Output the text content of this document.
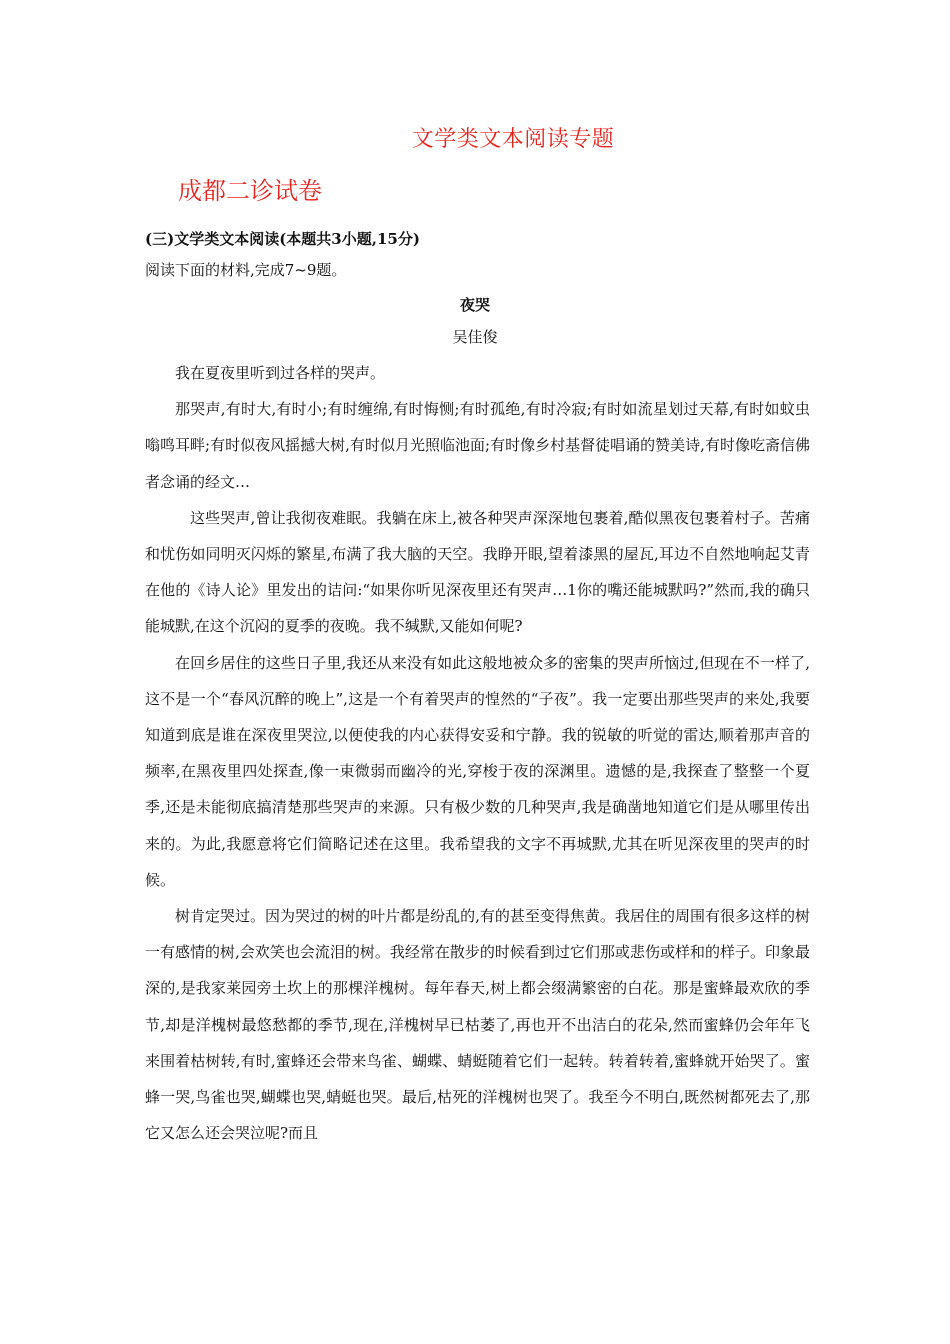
文学类文本阅读专题
成都二诊试卷
(三)文学类文本阅读(本题共3小题,15分)
阅读下面的材料,完成7~9题。
夜哭
吴佳俊

我在夏夜里听到过各样的哭声。

那哭声,有时大,有时小;有时缠绵,有时悔恻;有时孤绝,有时冷寂;有时如流星划过天幕,有时如蚊虫嗡鸣耳畔;有时似夜风摇撼大树,有时似月光照临池面;有时像乡村基督徒唱诵的赞美诗,有时像吃斋信佛者念诵的经文…

这些哭声,曾让我彻夜难眠。我躺在床上,被各种哭声深深地包裹着,酷似黑夜包裹着村子。苦痛和忧伤如同明灭闪烁的繁星,布满了我大脑的天空。我睁开眼,望着漆黑的屋瓦,耳边不自然地响起艾青在他的《诗人论》里发出的诘问:“如果你听见深夜里还有哭声…1你的嘴还能城默吗?”然而,我的确只能城默,在这个沉闷的夏季的夜晚。我不缄默,又能如何呢?

在回乡居住的这些日子里,我还从来没有如此这般地被众多的密集的哭声所恼过,但现在不一样了,这不是一个“春风沉醉的晚上”,这是一个有着哭声的惶然的“子夜”。我一定要出那些哭声的来处,我要知道到底是谁在深夜里哭泣,以便使我的内心获得安妥和宁静。我的锐敏的听觉的雷达,顺着那声音的频率,在黑夜里四处探查,像一束微弱而幽冷的光,穿梭于夜的深渊里。遗憾的是,我探查了整整一个夏季,还是未能彻底搞清楚那些哭声的来源。只有极少数的几种哭声,我是确凿地知道它们是从哪里传出来的。为此,我愿意将它们简略记述在这里。我希望我的文字不再城默,尤其在听见深夜里的哭声的时候。

树肯定哭过。因为哭过的树的叶片都是纷乱的,有的甚至变得焦黄。我居住的周围有很多这样的树一有感情的树,会欢笑也会流泪的树。我经常在散步的时候看到过它们那或悲伤或样和的样子。印象最深的,是我家莱园旁土坎上的那棵洋槐树。每年春天,树上都会缀满繁密的白花。那是蜜蜂最欢欣的季节,却是洋槐树最悠愁都的季节,现在,洋槐树早已枯萎了,再也开不出洁白的花朵,然而蜜蜂仍会年年飞来围着枯树转,有时,蜜蜂还会带来鸟雀、蝴蝶、蜻蜓随着它们一起转。转着转着,蜜蜂就开始哭了。蜜蜂一哭,鸟雀也哭,蝴蝶也哭,蜻蜓也哭。最后,枯死的洋槐树也哭了。我至今不明白,既然树都死去了,那它又怎么还会哭泣呢?而且
